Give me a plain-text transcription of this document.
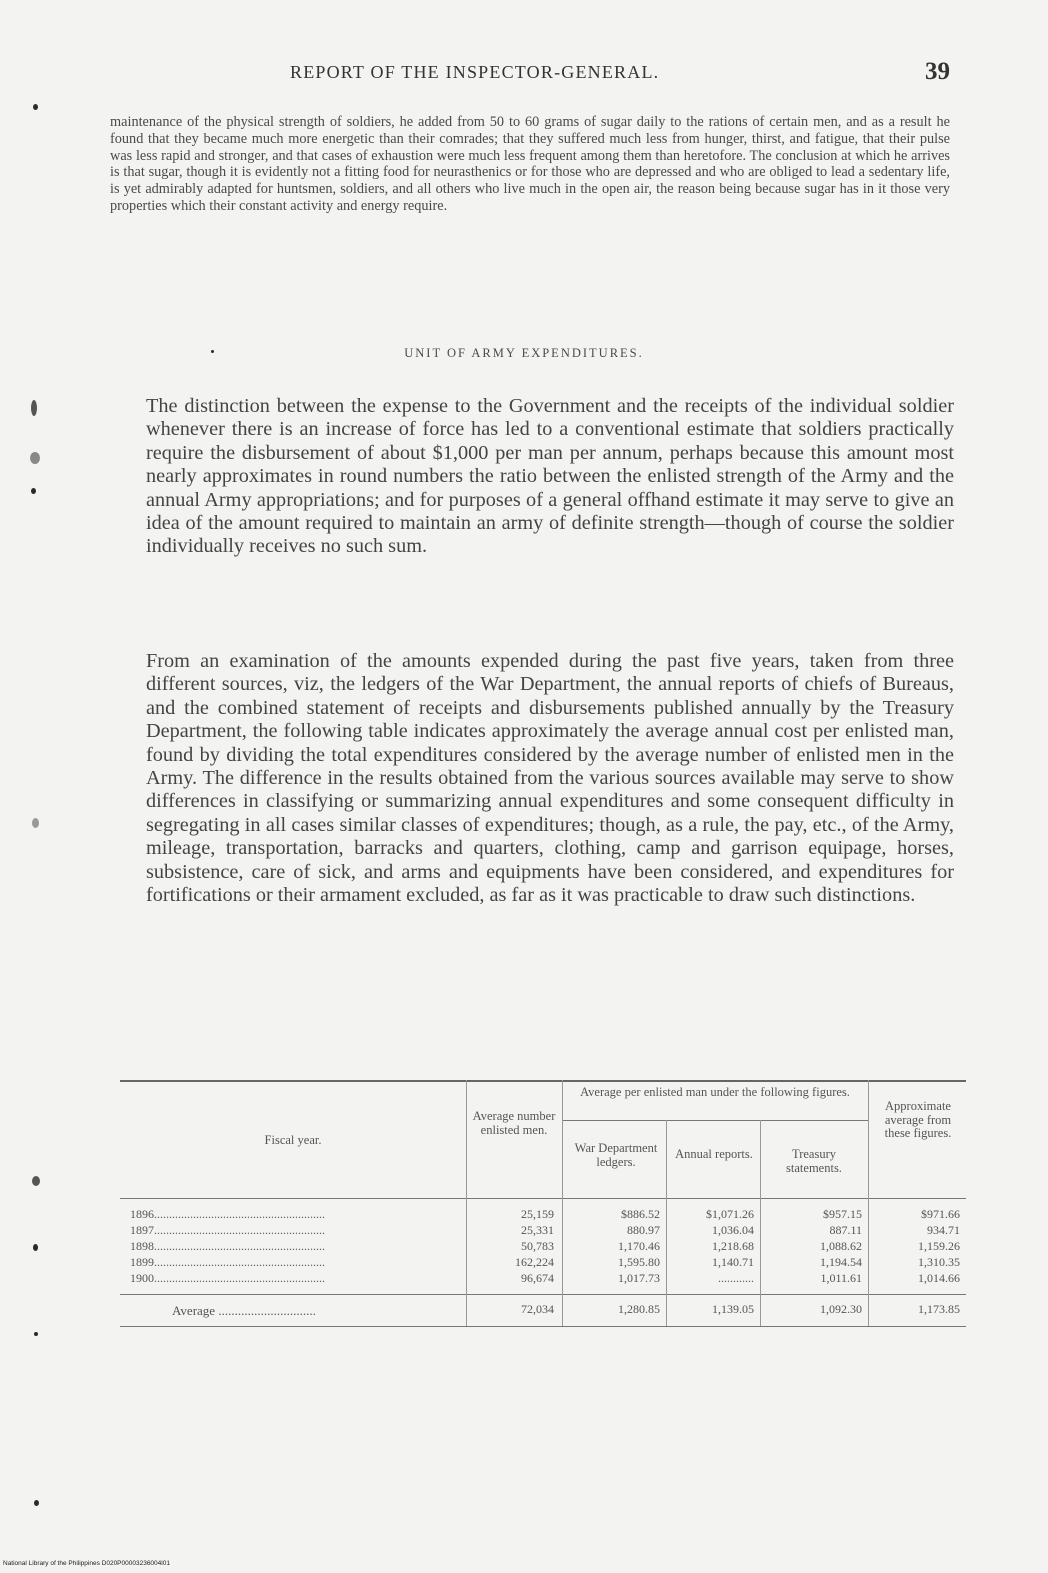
REPORT OF THE INSPECTOR-GENERAL.	39

maintenance of the physical strength of soldiers, he added from 50 to 60 grams of sugar daily to the rations of certain men, and as a result he found that they became much more energetic than their comrades; that they suffered much less from hunger, thirst, and fatigue, that their pulse was less rapid and stronger, and that cases of exhaustion were much less frequent among them than heretofore. The conclusion at which he arrives is that sugar, though it is evidently not a fitting food for neurasthenics or for those who are depressed and who are obliged to lead a sedentary life, is yet admirably adapted for huntsmen, soldiers, and all others who live much in the open air, the reason being because sugar has in it those very properties which their constant activity and energy require.

UNIT OF ARMY EXPENDITURES.

The distinction between the expense to the Government and the receipts of the individual soldier whenever there is an increase of force has led to a conventional estimate that soldiers practically require the disbursement of about $1,000 per man per annum, perhaps because this amount most nearly approximates in round numbers the ratio between the enlisted strength of the Army and the annual Army appropriations; and for purposes of a general offhand estimate it may serve to give an idea of the amount required to maintain an army of definite strength—though of course the soldier individually receives no such sum.

From an examination of the amounts expended during the past five years, taken from three different sources, viz, the ledgers of the War Department, the annual reports of chiefs of Bureaus, and the combined statement of receipts and disbursements published annually by the Treasury Department, the following table indicates approximately the average annual cost per enlisted man, found by dividing the total expenditures considered by the average number of enlisted men in the Army. The difference in the results obtained from the various sources available may serve to show differences in classifying or summarizing annual expenditures and some consequent difficulty in segregating in all cases similar classes of expenditures; though, as a rule, the pay, etc., of the Army, mileage, transportation, barracks and quarters, clothing, camp and garrison equipage, horses, subsistence, care of sick, and arms and equipments have been considered, and expenditures for fortifications or their armament excluded, as far as it was practicable to draw such distinctions.

Fiscal year.
Average number enlisted men.
Average per enlisted man under the following figures.
War Department ledgers.
Annual reports.	Treasury statements.
Approximate average from these figures.
1896.........................................................	25,159	$886.52	$1,071.26	$957.15	$971.66
1897.........................................................	25,331	880.97	1,036.04	887.11	934.71
1898.........................................................	50,783	1,170.46	1,218.68	1,088.62	1,159.26
1899.........................................................	162,224	1,595.80	1,140.71	1,194.54	1,310.35
1900.........................................................	96,674	1,017.73	............	1,011.61	1,014.66
Average ..............................	72,034	1,280.85	1,139.05	1,092.30	1,173.85
National Library of the Philippines D020P00003236004l01
